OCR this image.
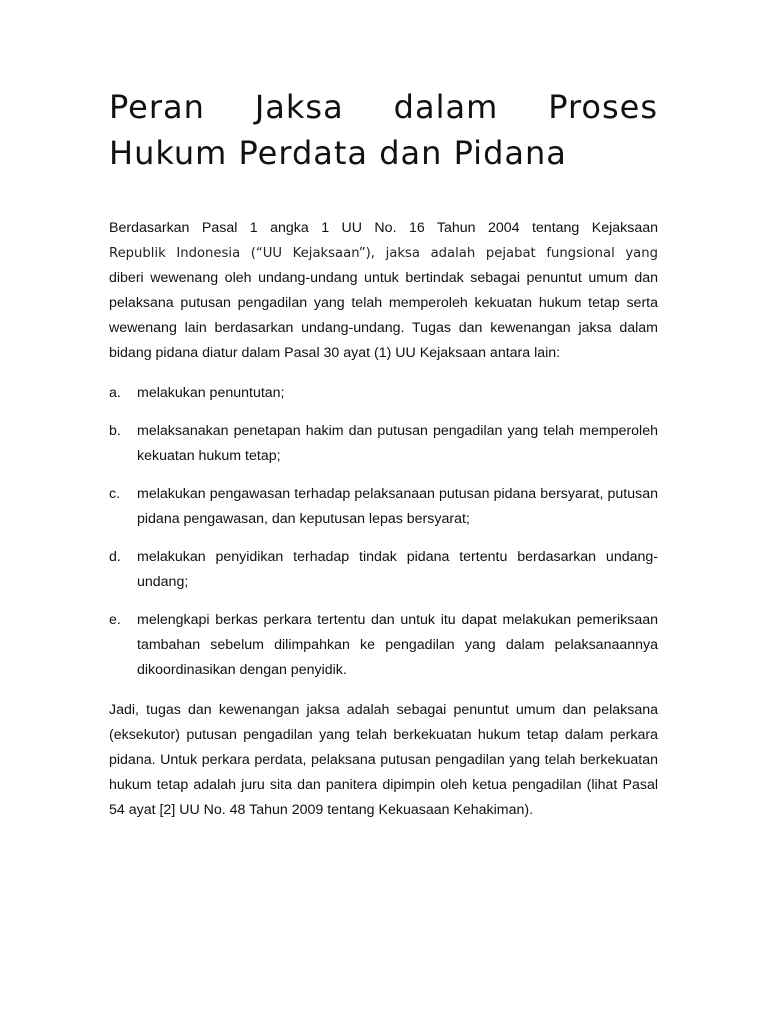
Peran Jaksa dalam Proses
Hukum Perdata dan Pidana

Berdasarkan Pasal 1 angka 1 UU No. 16 Tahun 2004 tentang Kejaksaan
Republik Indonesia (“UU Kejaksaan”), jaksa adalah pejabat fungsional yang
diberi wewenang oleh undang-undang untuk bertindak sebagai penuntut umum dan pelaksana putusan pengadilan yang telah memperoleh kekuatan hukum tetap serta wewenang lain berdasarkan undang-undang. Tugas dan kewenangan jaksa dalam bidang pidana diatur dalam Pasal 30 ayat (1) UU Kejaksaan antara lain:

a. melakukan penuntutan;
b. melaksanakan penetapan hakim dan putusan pengadilan yang telah memperoleh kekuatan hukum tetap;
c. melakukan pengawasan terhadap pelaksanaan putusan pidana bersyarat, putusan pidana pengawasan, dan keputusan lepas bersyarat;
d. melakukan penyidikan terhadap tindak pidana tertentu berdasarkan undang-undang;
e. melengkapi berkas perkara tertentu dan untuk itu dapat melakukan pemeriksaan tambahan sebelum dilimpahkan ke pengadilan yang dalam pelaksanaannya dikoordinasikan dengan penyidik.

Jadi, tugas dan kewenangan jaksa adalah sebagai penuntut umum dan pelaksana (eksekutor) putusan pengadilan yang telah berkekuatan hukum tetap dalam perkara pidana. Untuk perkara perdata, pelaksana putusan pengadilan yang telah berkekuatan hukum tetap adalah juru sita dan panitera dipimpin oleh ketua pengadilan (lihat Pasal 54 ayat [2] UU No. 48 Tahun 2009 tentang Kekuasaan Kehakiman).
